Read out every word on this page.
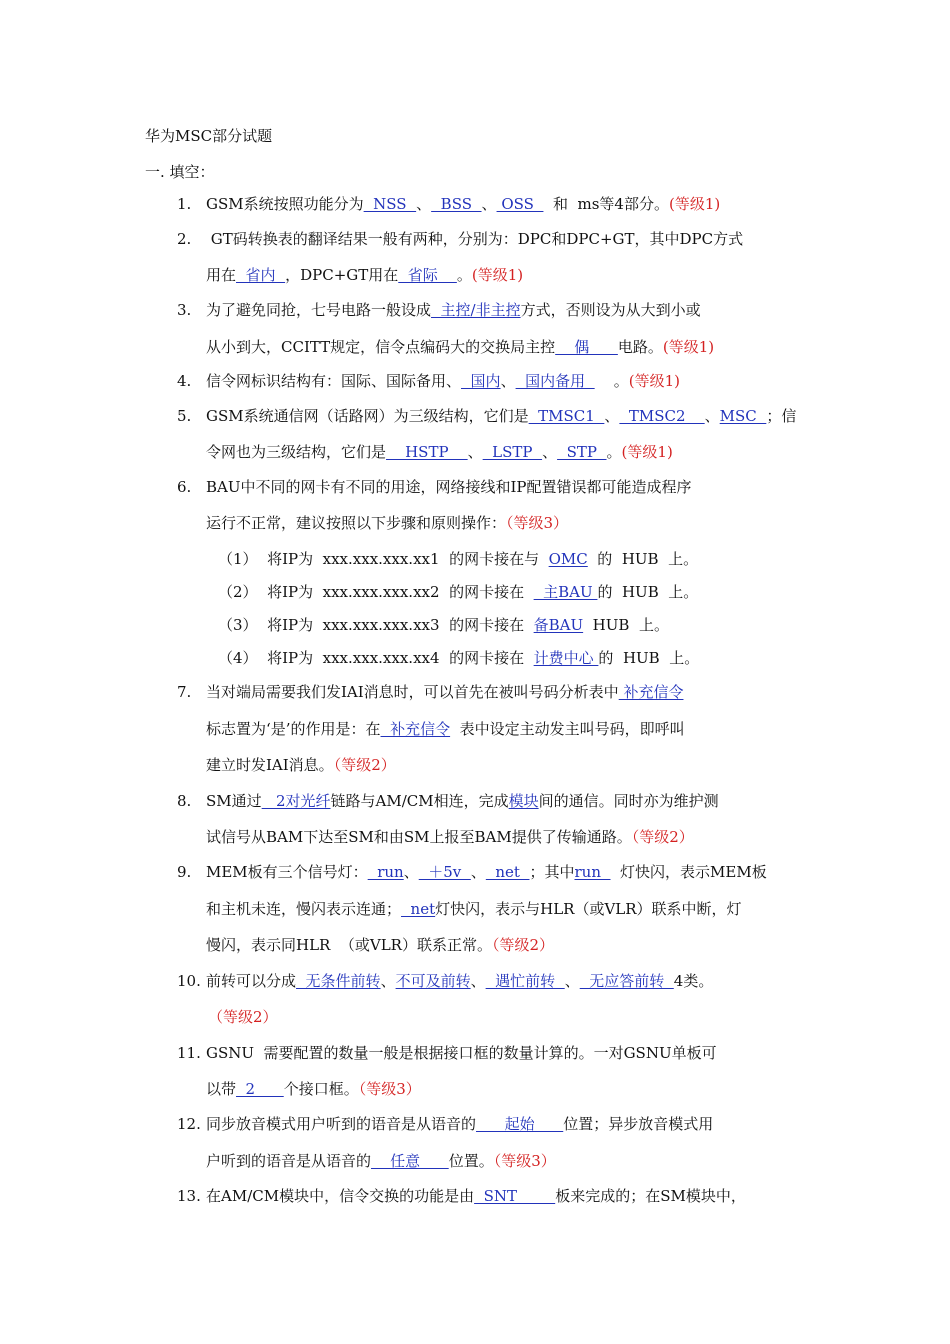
华为MSC部分试题
一. 填空：
1. GSM系统按照功能分为  NSS  、  BSS  、 OSS    和  ms等4部分。(等级1)
2. GT码转换表的翻译结果一般有两种，分别为：DPC和DPC+GT，其中DPC方式
用在  省内  ，DPC+GT用在  省际    。(等级1)
3. 为了避免同抢，七号电路一般设成  主控/非主控方式，否则设为从大到小或
从小到大，CCITT规定，信令点编码大的交换局主控    偶      电路。(等级1)
4. 信令网标识结构有：国际、国际备用、  国内、  国内备用      。(等级1)
5. GSM系统通信网（话路网）为三级结构，它们是  TMSC1  、  TMSC2    、MSC  ；信
令网也为三级结构，它们是    HSTP    、  LSTP  、  STP  。(等级1)
6. BAU中不同的网卡有不同的用途，网络接线和IP配置错误都可能造成程序
运行不正常，建议按照以下步骤和原则操作：（等级3）
（1）  将IP为  xxx.xxx.xxx.xx1  的网卡接在与  OMC  的  HUB  上。
（2）  将IP为  xxx.xxx.xxx.xx2  的网卡接在    主BAU 的  HUB  上。
（3）  将IP为  xxx.xxx.xxx.xx3  的网卡接在  备BAU  HUB  上。
（4）  将IP为  xxx.xxx.xxx.xx4  的网卡接在  计费中心 的  HUB  上。
7. 当对端局需要我们发IAI消息时，可以首先在被叫号码分析表中 补充信令
标志置为‘是’的作用是：在  补充信令  表中设定主动发主叫号码，即呼叫
建立时发IAI消息。（等级2）
8. SM通过   2对光纤链路与AM/CM相连，完成模块间的通信。同时亦为维护测
试信号从BAM下达至SM和由SM上报至BAM提供了传输通路。（等级2）
9. MEM板有三个信号灯：  run、  ＋5v  、  net  ；其中run    灯快闪，表示MEM板
和主机未连，慢闪表示连通；  net灯快闪，表示与HLR（或VLR）联系中断，灯
慢闪，表示同HLR  （或VLR）联系正常。（等级2）
10. 前转可以分成  无条件前转、不可及前转、  遇忙前转  、  无应答前转  4类。
（等级2）
11. GSNU  需要配置的数量一般是根据接口框的数量计算的。一对GSNU单板可
以带  2      个接口框。（等级3）
12. 同步放音模式用户听到的语音是从语音的      起始      位置；异步放音模式用
户听到的语音是从语音的    任意      位置。（等级3）
13. 在AM/CM模块中，信令交换的功能是由  SNT        板来完成的；在SM模块中，
